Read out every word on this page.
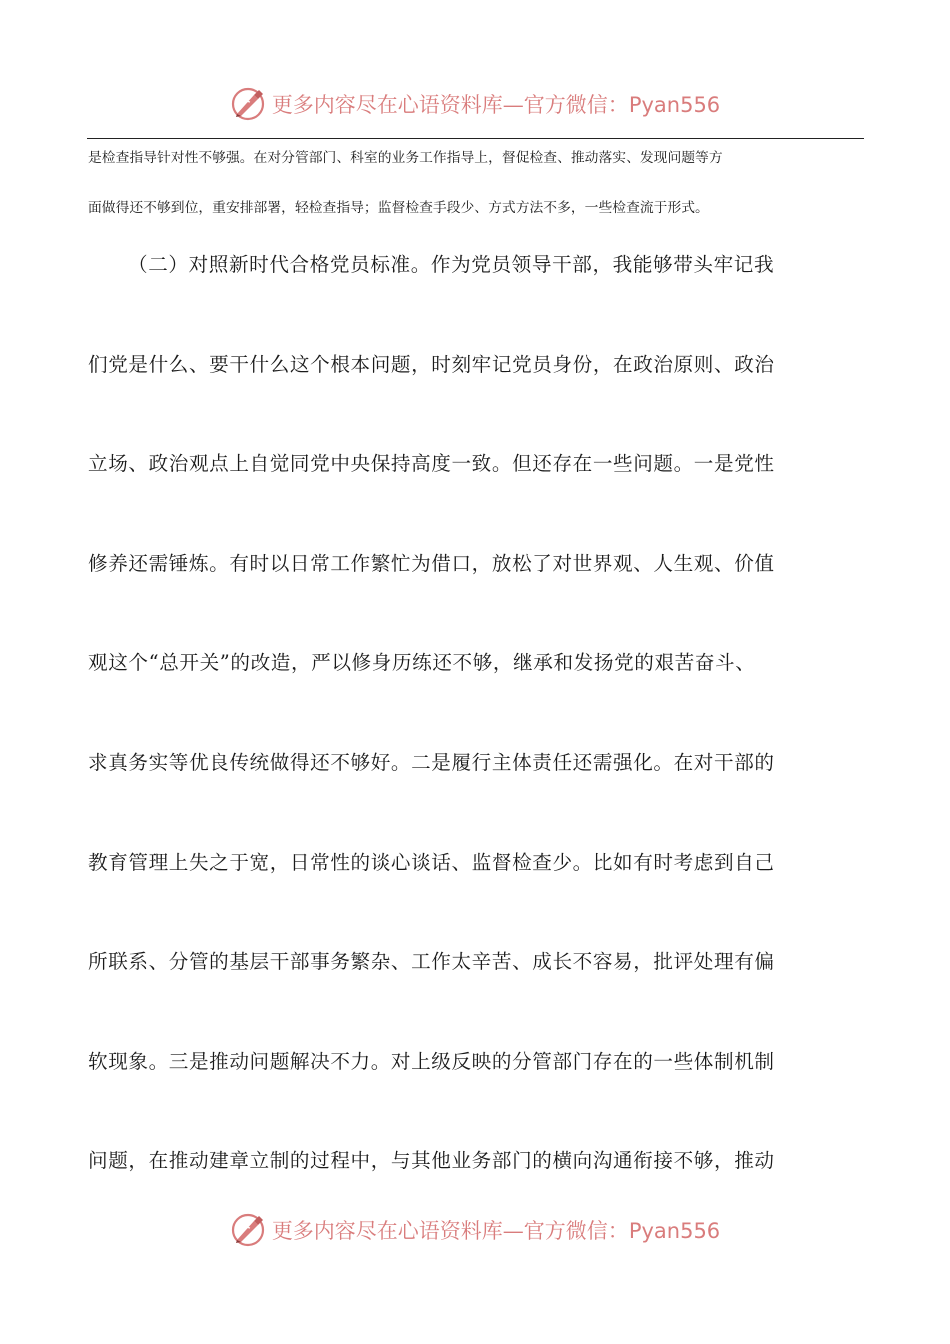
更多内容尽在心语资料库—官方微信：Pyan556

是检查指导针对性不够强。在对分管部门、科室的业务工作指导上，督促检查、推动落实、发现问题等方

面做得还不够到位，重安排部署，轻检查指导；监督检查手段少、方式方法不多，一些检查流于形式。

（二）对照新时代合格党员标准。作为党员领导干部，我能够带头牢记我
们党是什么、要干什么这个根本问题，时刻牢记党员身份，在政治原则、政治
立场、政治观点上自觉同党中央保持高度一致。但还存在一些问题。一是党性
修养还需锤炼。有时以日常工作繁忙为借口，放松了对世界观、人生观、价值
观这个“总开关”的改造，严以修身历练还不够，继承和发扬党的艰苦奋斗、
求真务实等优良传统做得还不够好。二是履行主体责任还需强化。在对干部的
教育管理上失之于宽，日常性的谈心谈话、监督检查少。比如有时考虑到自己
所联系、分管的基层干部事务繁杂、工作太辛苦、成长不容易，批评处理有偏
软现象。三是推动问题解决不力。对上级反映的分管部门存在的一些体制机制
问题，在推动建章立制的过程中，与其他业务部门的横向沟通衔接不够，推动
更多内容尽在心语资料库—官方微信：Pyan556
